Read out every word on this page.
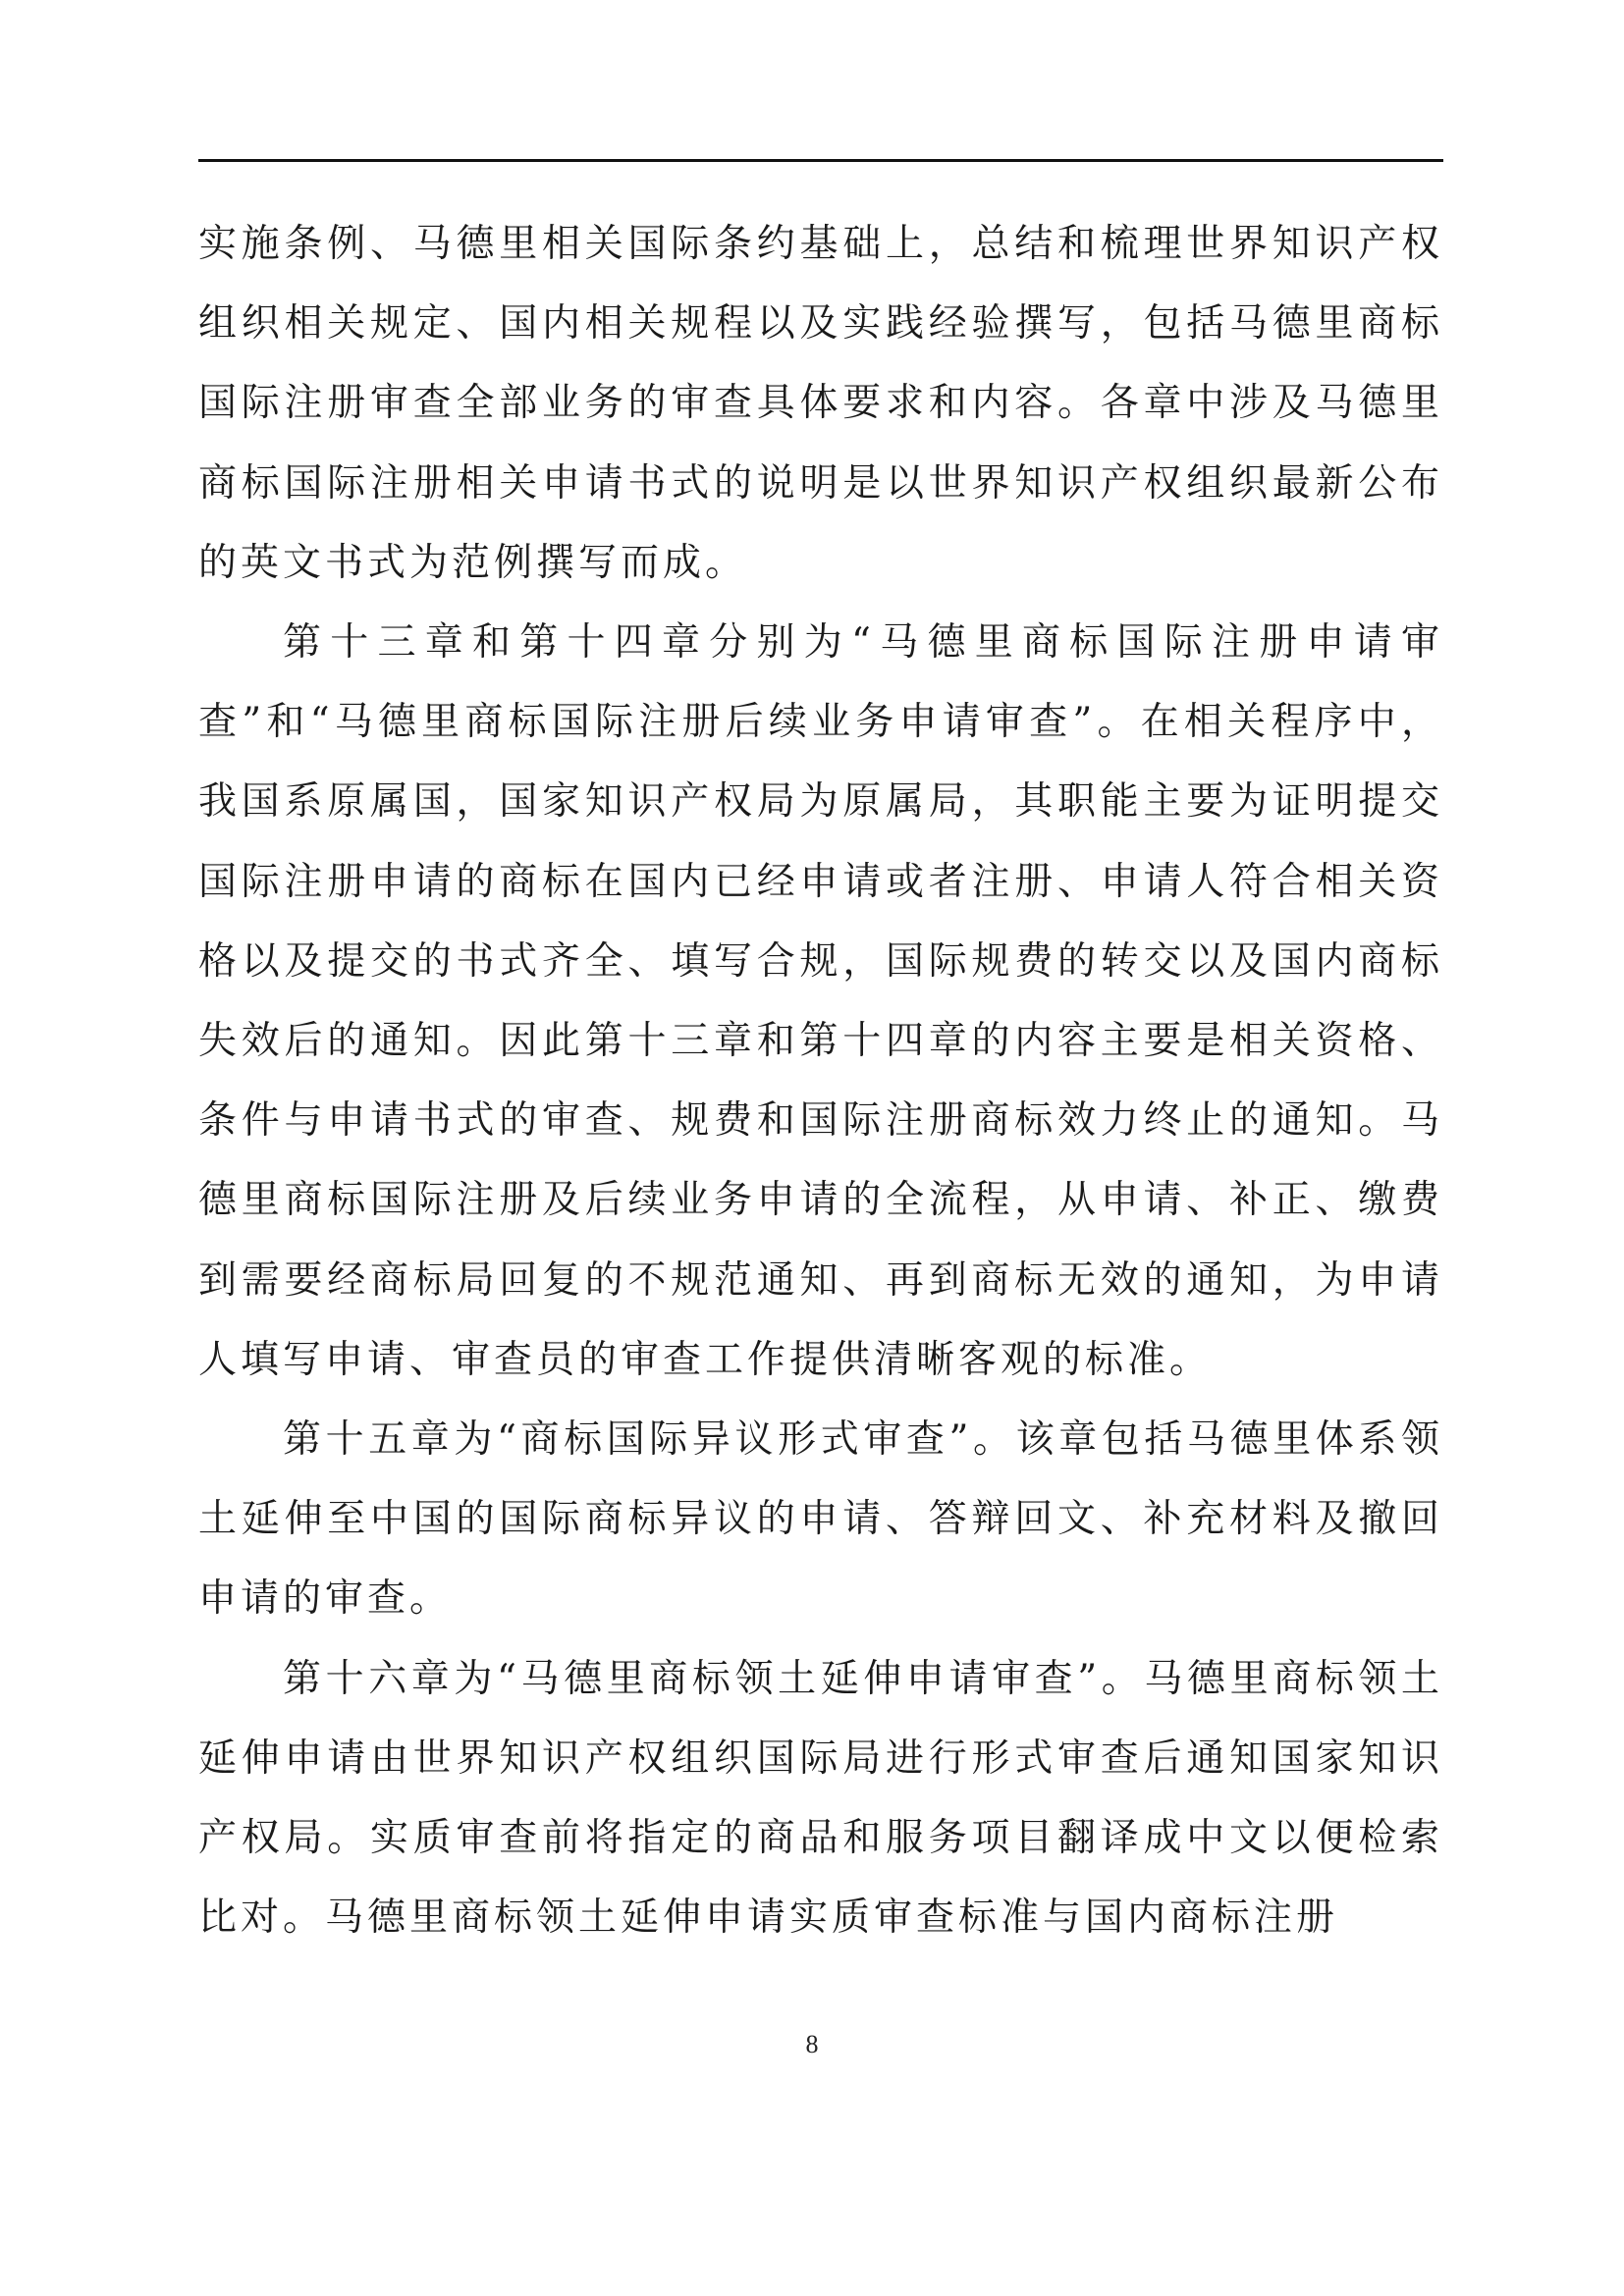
实施条例、马德里相关国际条约基础上，总结和梳理世界知识产权组织相关规定、国内相关规程以及实践经验撰写，包括马德里商标国际注册审查全部业务的审查具体要求和内容。各章中涉及马德里商标国际注册相关申请书式的说明是以世界知识产权组织最新公布的英文书式为范例撰写而成。

第十三章和第十四章分别为“马德里商标国际注册申请审查”和“马德里商标国际注册后续业务申请审查”。在相关程序中，我国系原属国，国家知识产权局为原属局，其职能主要为证明提交国际注册申请的商标在国内已经申请或者注册、申请人符合相关资格以及提交的书式齐全、填写合规，国际规费的转交以及国内商标失效后的通知。因此第十三章和第十四章的内容主要是相关资格、条件与申请书式的审查、规费和国际注册商标效力终止的通知。马德里商标国际注册及后续业务申请的全流程，从申请、补正、缴费到需要经商标局回复的不规范通知、再到商标无效的通知，为申请人填写申请、审查员的审查工作提供清晰客观的标准。

第十五章为“商标国际异议形式审查”。该章包括马德里体系领土延伸至中国的国际商标异议的申请、答辩回文、补充材料及撤回申请的审查。

第十六章为“马德里商标领土延伸申请审查”。马德里商标领土延伸申请由世界知识产权组织国际局进行形式审查后通知国家知识产权局。实质审查前将指定的商品和服务项目翻译成中文以便检索比对。马德里商标领土延伸申请实质审查标准与国内商标注册

8
